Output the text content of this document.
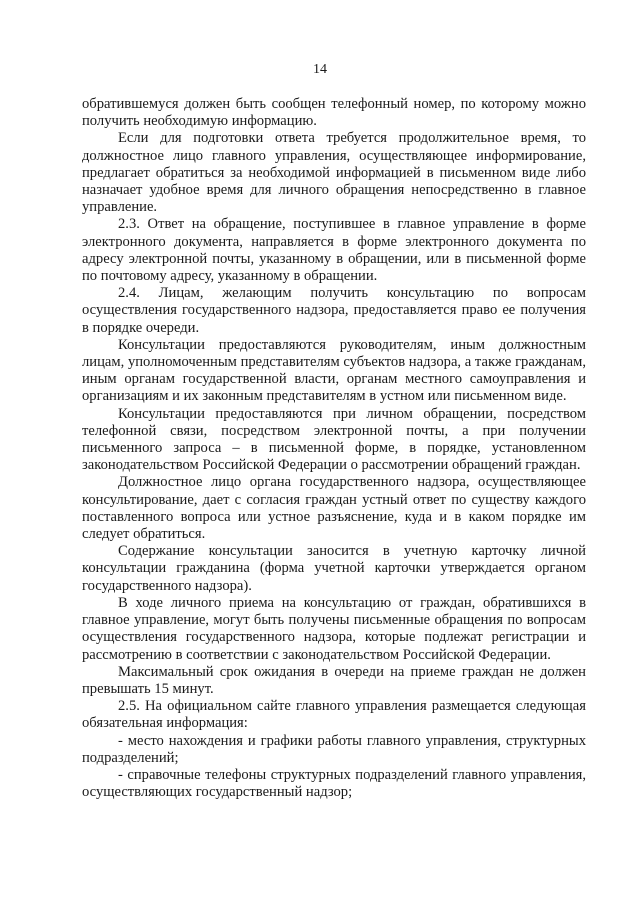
14

обратившемуся должен быть сообщен телефонный номер, по которому можно получить необходимую информацию.

Если для подготовки ответа требуется продолжительное время, то должностное лицо главного управления, осуществляющее информирование, предлагает обратиться за необходимой информацией в письменном виде либо назначает удобное время для личного обращения непосредственно в главное управление.

2.3. Ответ на обращение, поступившее в главное управление в форме электронного документа, направляется в форме электронного документа по адресу электронной почты, указанному в обращении, или в письменной форме по почтовому адресу, указанному в обращении.

2.4. Лицам, желающим получить консультацию по вопросам осуществления государственного надзора, предоставляется право ее получения в порядке очереди.

Консультации предоставляются руководителям, иным должностным лицам, уполномоченным представителям субъектов надзора, а также гражданам, иным органам государственной власти, органам местного самоуправления и организациям и их законным представителям в устном или письменном виде.

Консультации предоставляются при личном обращении, посредством телефонной связи, посредством электронной почты, а при получении письменного запроса – в письменной форме, в порядке, установленном законодательством Российской Федерации о рассмотрении обращений граждан.

Должностное лицо органа государственного надзора, осуществляющее консультирование, дает с согласия граждан устный ответ по существу каждого поставленного вопроса или устное разъяснение, куда и в каком порядке им следует обратиться.

Содержание консультации заносится в учетную карточку личной консультации гражданина (форма учетной карточки утверждается органом государственного надзора).

В ходе личного приема на консультацию от граждан, обратившихся в главное управление, могут быть получены письменные обращения по вопросам осуществления государственного надзора, которые подлежат регистрации и рассмотрению в соответствии с законодательством Российской Федерации.

Максимальный срок ожидания в очереди на приеме граждан не должен превышать 15 минут.

2.5. На официальном сайте главного управления размещается следующая обязательная информация:

- место нахождения и графики работы главного управления, структурных подразделений;

- справочные телефоны структурных подразделений главного управления, осуществляющих государственный надзор;
